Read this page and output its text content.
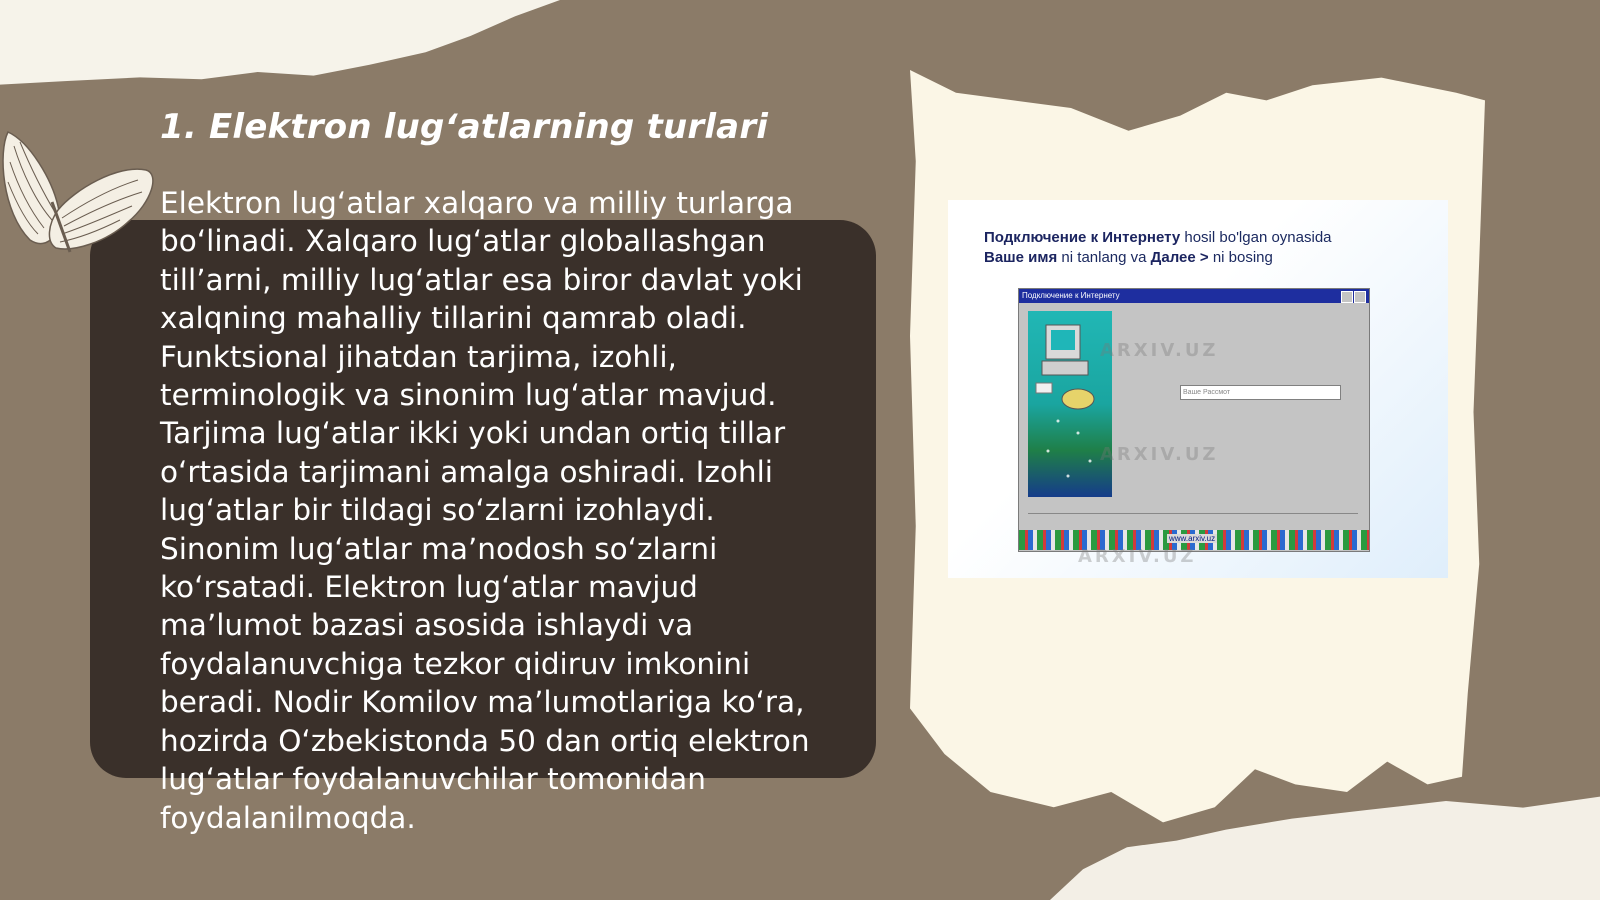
1. Elektron lug‘atlarning turlari
Elektron lug‘atlar xalqaro va milliy turlarga bo‘linadi. Xalqaro lug‘atlar globallashgan till’arni, milliy lug‘atlar esa biror davlat yoki xalqning mahalliy tillarini qamrab oladi. Funktsional jihatdan tarjima, izohli, terminologik va sinonim lug‘atlar mavjud. Tarjima lug‘atlar ikki yoki undan ortiq tillar o‘rtasida tarjimani amalga oshiradi. Izohli lug‘atlar bir tildagi so‘zlarni izohlaydi. Sinonim lug‘atlar ma’nodosh so‘zlarni ko‘rsatadi. Elektron lug‘atlar mavjud ma’lumot bazasi asosida ishlaydi va foydalanuvchiga tezkor qidiruv imkonini beradi. Nodir Komilov ma’lumotlariga ko‘ra, hozirda O‘zbekistonda 50 dan ortiq elektron lug‘atlar foydalanuvchilar tomonidan foydalanilmoqda.
Подключение к Интернету hosil bo'lgan oynasida
Ваше имя ni tanlang va Далее > ni bosing
Подключение к Интернету
Ваше Рассмот
www.arxiv.uz
ARXIV.UZ
ARXIV.UZ
ARXIV.UZ
